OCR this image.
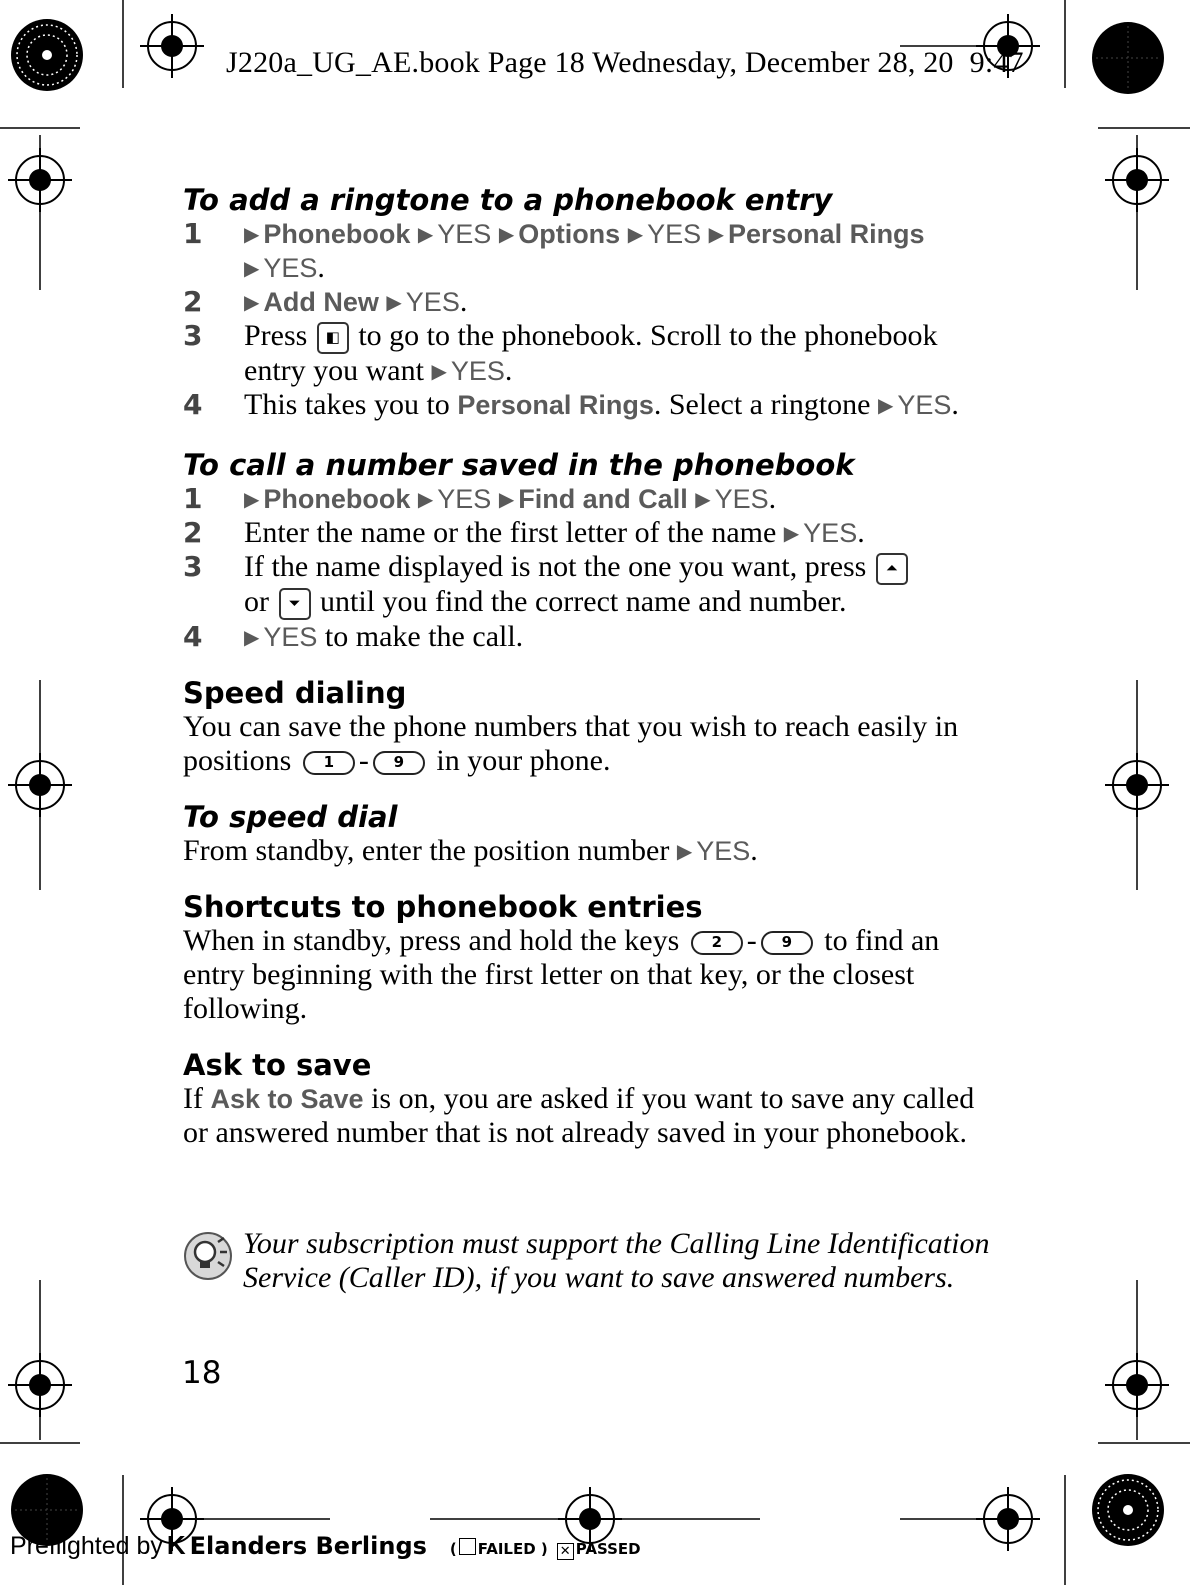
J220a_UG_AE.book Page 18 Wednesday, December 28, 20 9:47
To add a ringtone to a phonebook entry
1 ▶ Phonebook ▶ YES ▶ Options ▶ YES ▶ Personal Rings
▶ YES.
2 ▶ Add New ▶ YES.
3 Press ◧ to go to the phonebook. Scroll to the phonebook entry you want ▶ YES.
4 This takes you to Personal Rings. Select a ringtone ▶ YES.
To call a number saved in the phonebook
1 ▶ Phonebook ▶ YES ▶ Find and Call ▶ YES.
2 Enter the name or the first letter of the name ▶ YES.
3 If the name displayed is not the one you want, press ⏶
or ⏷ until you find the correct name and number.
4 ▶ YES to make the call.
Speed dialing
You can save the phone numbers that you wish to reach easily in positions 1 - 9 in your phone.
To speed dial
From standby, enter the position number ▶ YES.
Shortcuts to phonebook entries
When in standby, press and hold the keys 2 - 9 to find an entry beginning with the first letter on that key, or the closest following.
Ask to save
If Ask to Save is on, you are asked if you want to save any called or answered number that is not already saved in your phonebook.
Your subscription must support the Calling Line Identification Service (Caller ID), if you want to save answered numbers.
18
Preflighted by K Elanders Berlings ( FAILED ) ✕ PASSED
